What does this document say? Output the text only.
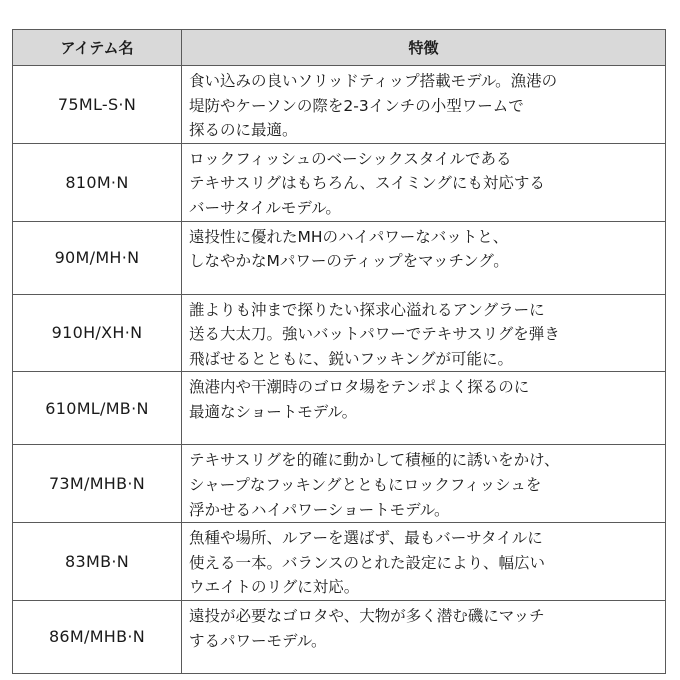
アイテム名	特徴
75ML-S·N	食い込みの良いソリッドティップ搭載モデル。漁港の
堤防やケーソンの際を2-3インチの小型ワームで
探るのに最適。
810M·N	ロックフィッシュのベーシックスタイルである
テキサスリグはもちろん、スイミングにも対応する
バーサタイルモデル。
90M/MH·N	遠投性に優れたMHのハイパワーなバットと、
しなやかなMパワーのティップをマッチング。
910H/XH·N	誰よりも沖まで探りたい探求心溢れるアングラーに
送る大太刀。強いバットパワーでテキサスリグを弾き
飛ばせるとともに、鋭いフッキングが可能に。
610ML/MB·N	漁港内や干潮時のゴロタ場をテンポよく探るのに
最適なショートモデル。
73M/MHB·N	テキサスリグを的確に動かして積極的に誘いをかけ、
シャープなフッキングとともにロックフィッシュを
浮かせるハイパワーショートモデル。
83MB·N	魚種や場所、ルアーを選ばず、最もバーサタイルに
使える一本。バランスのとれた設定により、幅広い
ウエイトのリグに対応。
86M/MHB·N	遠投が必要なゴロタや、大物が多く潜む磯にマッチ
するパワーモデル。
